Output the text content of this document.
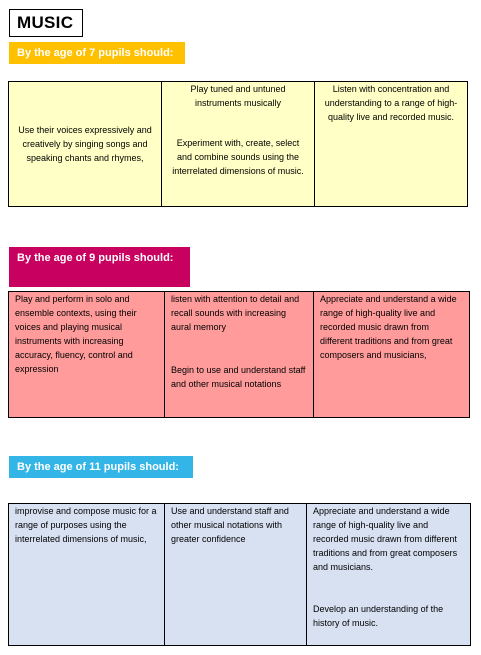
MUSIC
By the age of 7 pupils should:
Use their voices expressively and creatively by singing songs and speaking chants and rhymes,

Play tuned and untuned instruments musically
Experiment with, create, select and combine sounds using the interrelated dimensions of music.

Listen with concentration and understanding to a range of high-quality live and recorded music.
By the age of 9 pupils should:
Play and perform in solo and ensemble contexts, using their voices and playing musical instruments with increasing accuracy, fluency, control and expression

listen with attention to detail and recall sounds with increasing aural memory
Begin to use and understand staff and other musical notations

Appreciate and understand a wide range of high-quality live and recorded music drawn from different traditions and from great composers and musicians,
By the age of 11 pupils should:
improvise and compose music for a range of purposes using the interrelated dimensions of music,

Use and understand staff and other musical notations with greater confidence

Appreciate and understand a wide range of high-quality live and recorded music drawn from different traditions and from great composers and musicians.
Develop an understanding of the history of music.
